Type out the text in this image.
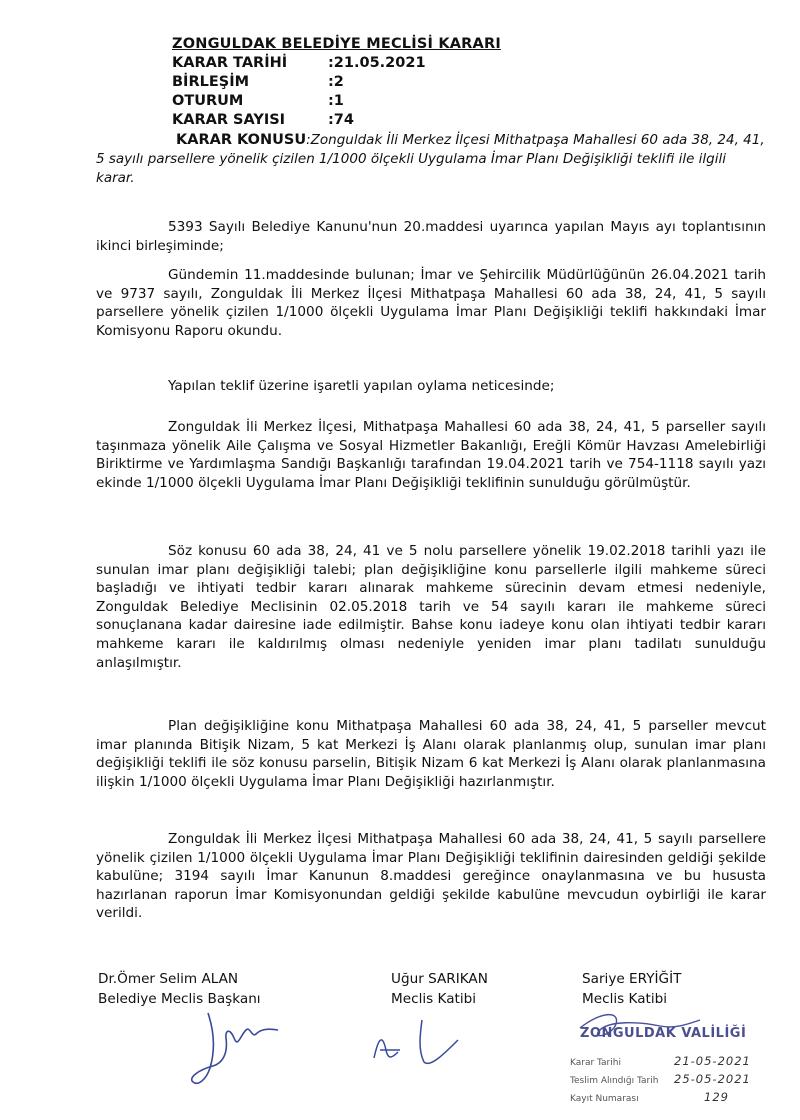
ZONGULDAK BELEDİYE MECLİSİ KARARI
KARAR TARİHİ	:21.05.2021
BİRLEŞİM	:2
OTURUM	:1
KARAR SAYISI	:74
KARAR KONUSU:Zonguldak İli Merkez İlçesi Mithatpaşa Mahallesi 60 ada 38, 24, 41, 5 sayılı parsellere yönelik çizilen 1/1000 ölçekli Uygulama İmar Planı Değişikliği teklifi ile ilgili karar.

5393 Sayılı Belediye Kanunu'nun 20.maddesi uyarınca yapılan Mayıs ayı toplantısının ikinci birleşiminde;

Gündemin 11.maddesinde bulunan; İmar ve Şehircilik Müdürlüğünün 26.04.2021 tarih ve 9737 sayılı, Zonguldak İli Merkez İlçesi Mithatpaşa Mahallesi 60 ada 38, 24, 41, 5 sayılı parsellere yönelik çizilen 1/1000 ölçekli Uygulama İmar Planı Değişikliği teklifi hakkındaki İmar Komisyonu Raporu okundu.

Yapılan teklif üzerine işaretli yapılan oylama neticesinde;

Zonguldak İli Merkez İlçesi, Mithatpaşa Mahallesi 60 ada 38, 24, 41, 5 parseller sayılı taşınmaza yönelik Aile Çalışma ve Sosyal Hizmetler Bakanlığı, Ereğli Kömür Havzası Amelebirliği Biriktirme ve Yardımlaşma Sandığı Başkanlığı tarafından 19.04.2021 tarih ve 754-1118 sayılı yazı ekinde 1/1000 ölçekli Uygulama İmar Planı Değişikliği teklifinin sunulduğu görülmüştür.

Söz konusu 60 ada 38, 24, 41 ve 5 nolu parsellere yönelik 19.02.2018 tarihli yazı ile sunulan imar planı değişikliği talebi; plan değişikliğine konu parsellerle ilgili mahkeme süreci başladığı ve ihtiyati tedbir kararı alınarak mahkeme sürecinin devam etmesi nedeniyle, Zonguldak Belediye Meclisinin 02.05.2018 tarih ve 54 sayılı kararı ile mahkeme süreci sonuçlanana kadar dairesine iade edilmiştir. Bahse konu iadeye konu olan ihtiyati tedbir kararı mahkeme kararı ile kaldırılmış olması nedeniyle yeniden imar planı tadilatı sunulduğu anlaşılmıştır.

Plan değişikliğine konu Mithatpaşa Mahallesi 60 ada 38, 24, 41, 5 parseller mevcut imar planında Bitişik Nizam, 5 kat Merkezi İş Alanı olarak planlanmış olup, sunulan imar planı değişikliği teklifi ile söz konusu parselin, Bitişik Nizam 6 kat Merkezi İş Alanı olarak planlanmasına ilişkin 1/1000 ölçekli Uygulama İmar Planı Değişikliği hazırlanmıştır.

Zonguldak İli Merkez İlçesi Mithatpaşa Mahallesi 60 ada 38, 24, 41, 5 sayılı parsellere yönelik çizilen 1/1000 ölçekli Uygulama İmar Planı Değişikliği teklifinin dairesinden geldiği şekilde kabulüne; 3194 sayılı İmar Kanunun 8.maddesi gereğince onaylanmasına ve bu hususta hazırlanan raporun İmar Komisyonundan geldiği şekilde kabulüne mevcudun oybirliği ile karar verildi.

Dr.Ömer Selim ALAN
Belediye Meclis Başkanı
Uğur SARIKAN
Meclis Katibi
Sariye ERYİĞİT
Meclis Katibi
ZONGULDAK VALİLİĞİ
Karar Tarihi	21-05-2021
Teslim Alındığı Tarih 25-05-2021
Kayıt Numarası	129
